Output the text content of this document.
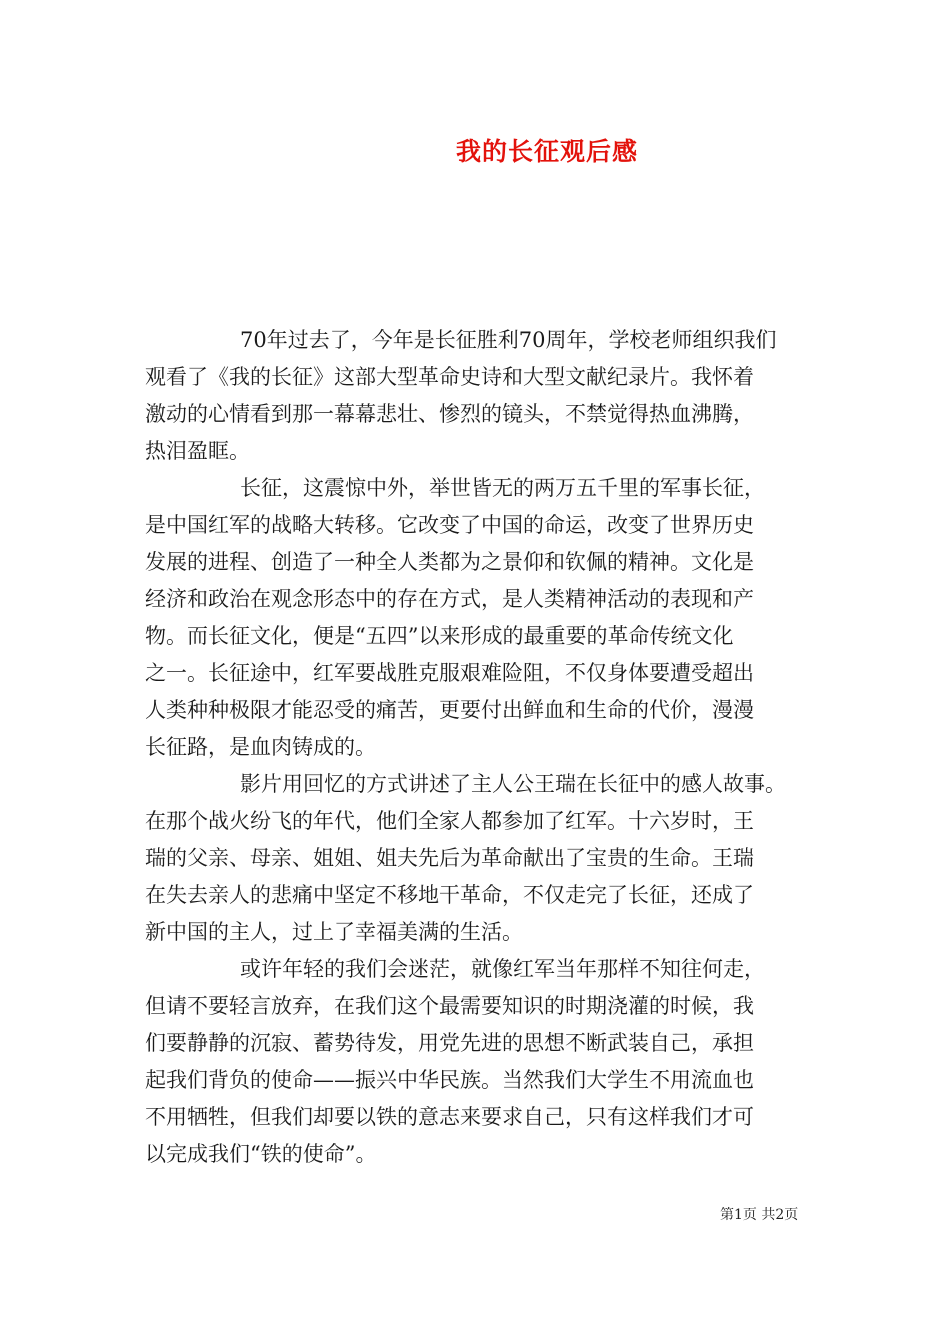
我的长征观后感
70年过去了，今年是长征胜利70周年，学校老师组织我们
观看了《我的长征》这部大型革命史诗和大型文献纪录片。我怀着
激动的心情看到那一幕幕悲壮、惨烈的镜头，不禁觉得热血沸腾，
热泪盈眶。
长征，这震惊中外，举世皆无的两万五千里的军事长征，
是中国红军的战略大转移。它改变了中国的命运，改变了世界历史
发展的进程、创造了一种全人类都为之景仰和钦佩的精神。文化是
经济和政治在观念形态中的存在方式，是人类精神活动的表现和产
物。而长征文化，便是“五四”以来形成的最重要的革命传统文化
之一。长征途中，红军要战胜克服艰难险阻，不仅身体要遭受超出
人类种种极限才能忍受的痛苦，更要付出鲜血和生命的代价，漫漫
长征路，是血肉铸成的。
影片用回忆的方式讲述了主人公王瑞在长征中的感人故事。
在那个战火纷飞的年代，他们全家人都参加了红军。十六岁时，王
瑞的父亲、母亲、姐姐、姐夫先后为革命献出了宝贵的生命。王瑞
在失去亲人的悲痛中坚定不移地干革命，不仅走完了长征，还成了
新中国的主人，过上了幸福美满的生活。
或许年轻的我们会迷茫，就像红军当年那样不知往何走，
但请不要轻言放弃，在我们这个最需要知识的时期浇灌的时候，我
们要静静的沉寂、蓄势待发，用党先进的思想不断武装自己，承担
起我们背负的使命——振兴中华民族。当然我们大学生不用流血也
不用牺牲，但我们却要以铁的意志来要求自己，只有这样我们才可
以完成我们“铁的使命”。
第1页 共2页
